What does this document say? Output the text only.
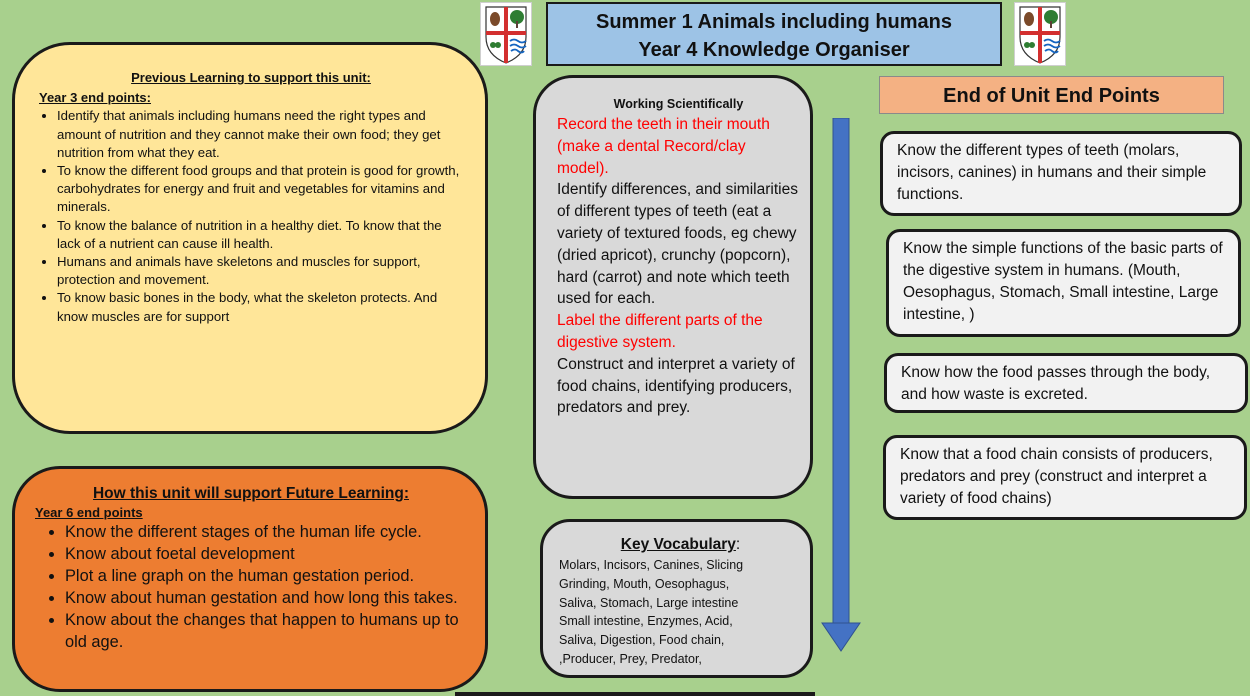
Summer 1 Animals including humans
Year 4 Knowledge Organiser
Previous Learning to support this unit:
Year 3 end points:
• Identify that animals including humans need the right types and amount of nutrition and they cannot make their own food; they get nutrition from what they eat.
• To know the different food groups and that protein is good for growth, carbohydrates for energy and fruit and vegetables for vitamins and minerals.
• To know the balance of nutrition in a healthy diet. To know that the lack of a nutrient can cause ill health.
• Humans and animals have skeletons and muscles for support, protection and movement.
• To know basic bones in the body, what the skeleton protects. And know muscles are for support
How this unit will support Future Learning:
Year 6 end points
• Know the different stages of the human life cycle.
• Know about foetal development
• Plot a line graph on the human gestation period.
• Know about human gestation and how long this takes.
• Know about the changes that happen to humans up to old age.
Working Scientifically
Record the teeth in their mouth (make a dental Record/clay model).
Identify differences, and similarities of different types of teeth (eat a variety of textured foods, eg chewy (dried apricot), crunchy (popcorn), hard (carrot) and note which teeth used for each.
Label the different parts of the digestive system.
Construct and interpret a variety of food chains, identifying producers, predators and prey.
Key Vocabulary:
Molars, Incisors, Canines, Slicing
Grinding, Mouth, Oesophagus,
Saliva, Stomach, Large intestine
Small intestine, Enzymes, Acid,
Saliva, Digestion, Food chain,
,Producer, Prey, Predator,
End of Unit End Points
Know the different types of teeth (molars, incisors, canines) in humans and their simple functions.
Know the simple functions of the basic parts of the digestive system in humans. (Mouth, Oesophagus, Stomach, Small intestine, Large intestine, )
Know how the food passes through the body, and how waste is excreted.
Know that a food chain consists of producers, predators and prey (construct and interpret a variety of food chains)
